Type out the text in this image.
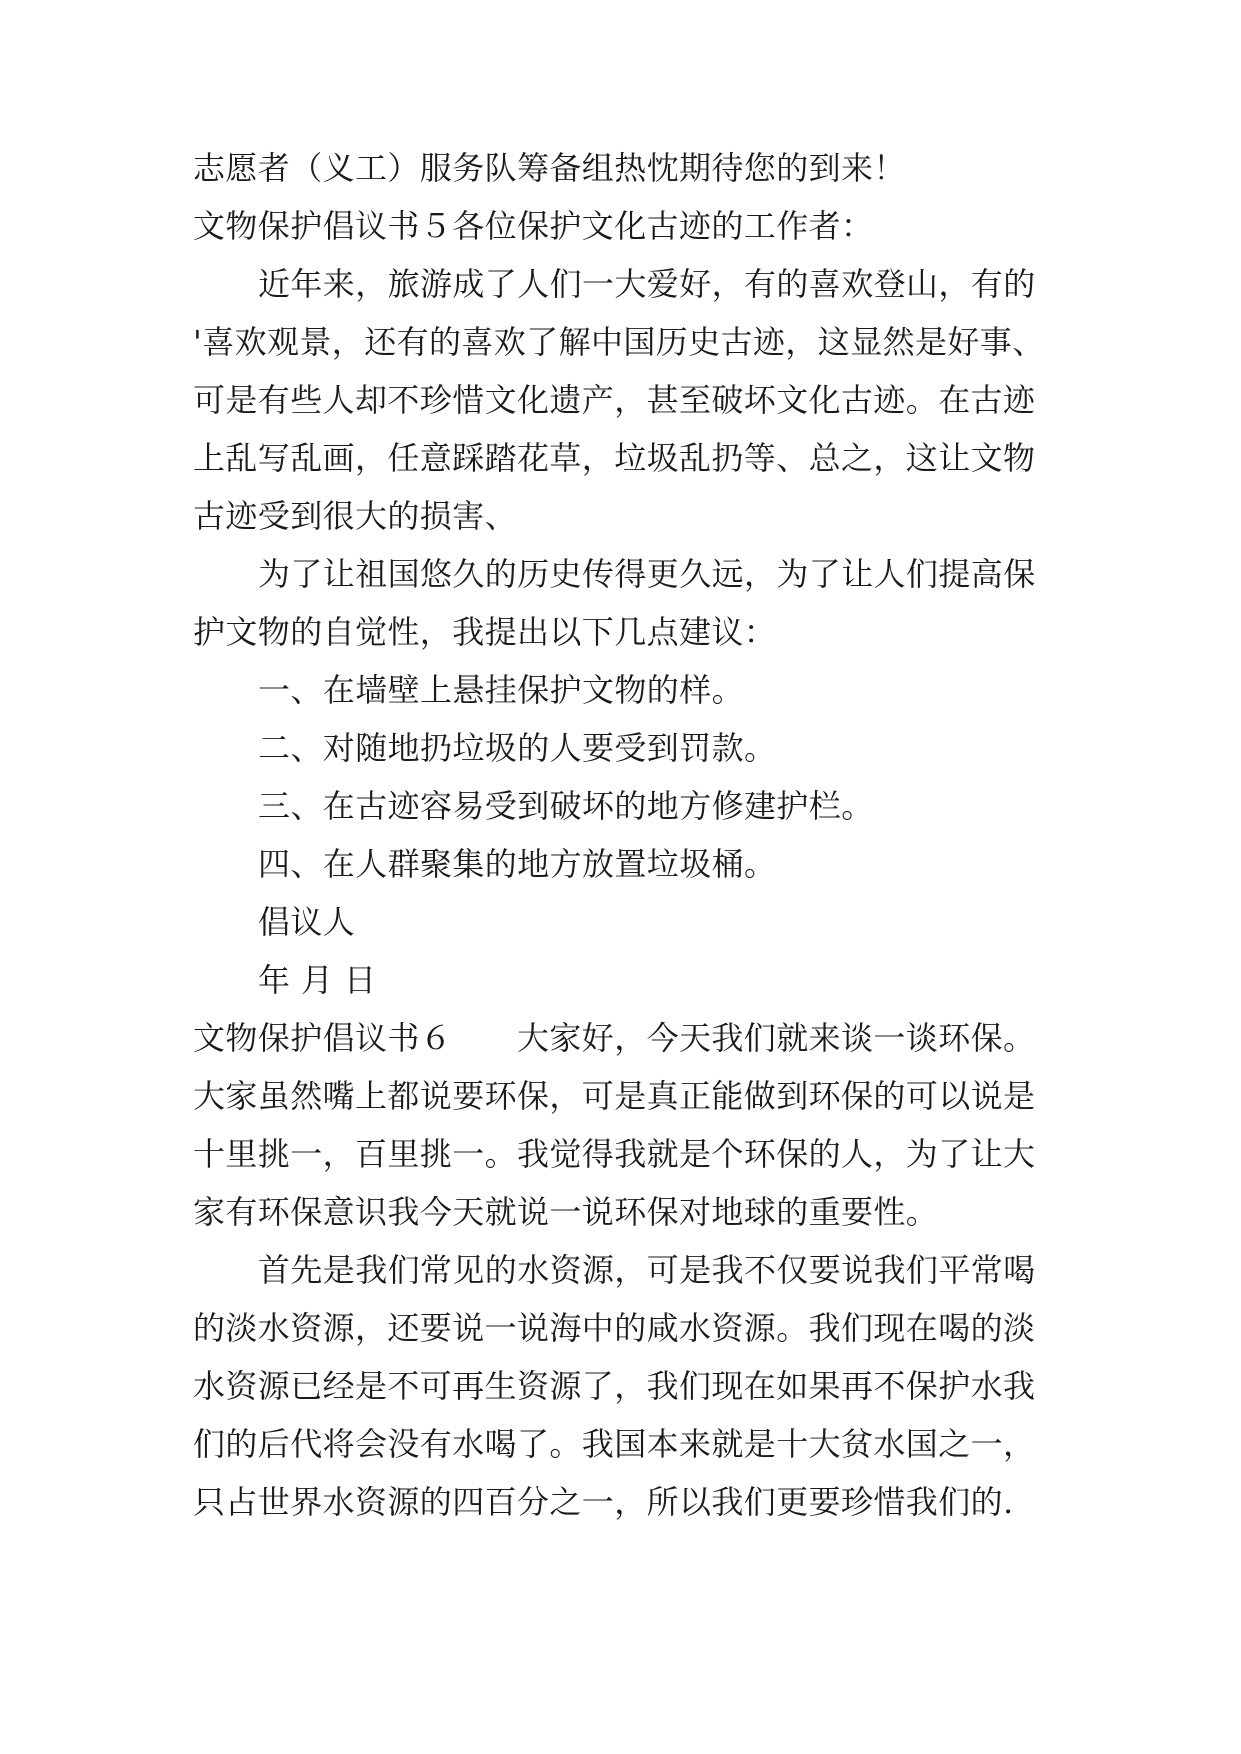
志愿者（义工）服务队筹备组热忱期待您的到来！
文物保护倡议书５各位保护文化古迹的工作者：
近年来，旅游成了人们一大爱好，有的喜欢登山，有的
'喜欢观景，还有的喜欢了解中国历史古迹，这显然是好事、
可是有些人却不珍惜文化遗产，甚至破坏文化古迹。在古迹
上乱写乱画，任意踩踏花草，垃圾乱扔等、总之，这让文物
古迹受到很大的损害、
为了让祖国悠久的历史传得更久远，为了让人们提高保
护文物的自觉性，我提出以下几点建议：
一、在墙壁上悬挂保护文物的样。
二、对随地扔垃圾的人要受到罚款。
三、在古迹容易受到破坏的地方修建护栏。
四、在人群聚集的地方放置垃圾桶。
倡议人
年 月 日
文物保护倡议书６　　大家好，今天我们就来谈一谈环保。
大家虽然嘴上都说要环保，可是真正能做到环保的可以说是
十里挑一，百里挑一。我觉得我就是个环保的人，为了让大
家有环保意识我今天就说一说环保对地球的重要性。
首先是我们常见的水资源，可是我不仅要说我们平常喝
的淡水资源，还要说一说海中的咸水资源。我们现在喝的淡
水资源已经是不可再生资源了，我们现在如果再不保护水我
们的后代将会没有水喝了。我国本来就是十大贫水国之一，
只占世界水资源的四百分之一，所以我们更要珍惜我们的.
